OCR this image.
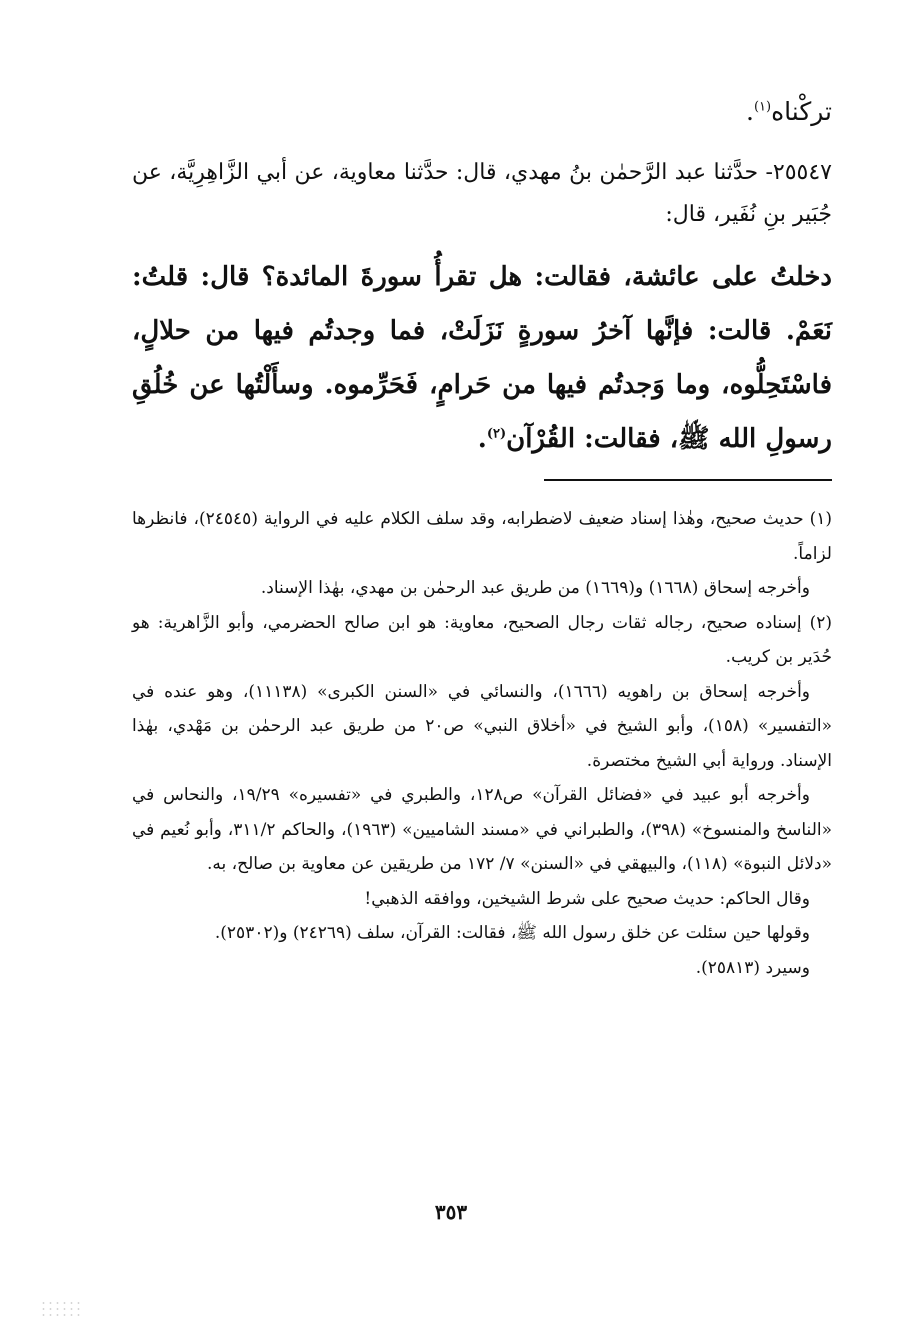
تركْناه$^{(١)}$.
٢٥٥٤٧- حدَّثنا عبد الرَّحمٰن بنُ مهدي، قال: حدَّثنا معاوية، عن أبي الزَّاهِرِيَّة، عن جُبَير بنِ نُفَير، قال:
دخلتُ على عائشة، فقالت: هل تقرأُ سورةَ المائدة؟ قال: قلتُ: نَعَمْ. قالت: فإنَّها آخرُ سورةٍ نَزَلَتْ، فما وجدتُم فيها من حلالٍ، فاسْتَحِلُّوه، وما وَجدتُم فيها من حَرامٍ، فَحَرِّموه. وسأَلْتُها عن خُلُقِ رسولِ الله ﷺ، فقالت: القُرْآن$^{(٢)}$.

(١) حديث صحيح، وهٰذا إسناد ضعيف لاضطرابه، وقد سلف الكلام عليه في الرواية (٢٤٥٤٥)، فانظرها لزاماً.

وأخرجه إسحاق (١٦٦٨) و(١٦٦٩) من طريق عبد الرحمٰن بن مهدي، بهٰذا الإسناد.

(٢) إسناده صحيح، رجاله ثقات رجال الصحيح، معاوية: هو ابن صالح الحضرمي، وأبو الزَّاهرية: هو حُدَير بن كريب.

وأخرجه إسحاق بن راهويه (١٦٦٦)، والنسائي في «السنن الكبرى» (١١١٣٨)، وهو عنده في «التفسير» (١٥٨)، وأبو الشيخ في «أخلاق النبي» ص٢٠ من طريق عبد الرحمٰن بن مَهْدي، بهٰذا الإسناد. ورواية أبي الشيخ مختصرة.

وأخرجه أبو عبيد في «فضائل القرآن» ص١٢٨، والطبري في «تفسيره» ١٩/٢٩، والنحاس في «الناسخ والمنسوخ» (٣٩٨)، والطبراني في «مسند الشاميين» (١٩٦٣)، والحاكم ٣١١/٢، وأبو نُعيم في «دلائل النبوة» (١١٨)، والبيهقي في «السنن» ٧/ ١٧٢ من طريقين عن معاوية بن صالح، به.

وقال الحاكم: حديث صحيح على شرط الشيخين، ووافقه الذهبي!

وقولها حين سئلت عن خلق رسول الله ﷺ، فقالت: القرآن، سلف (٢٤٢٦٩) و(٢٥٣٠٢).

وسيرد (٢٥٨١٣).

٣٥٣
